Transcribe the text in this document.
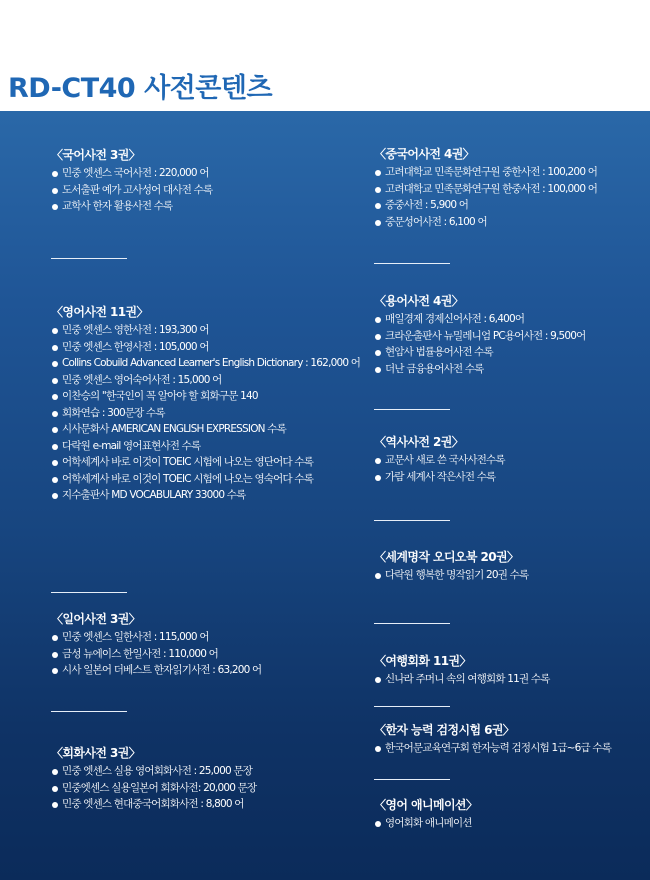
RD-CT40 사전콘텐츠
〈국어사전 3권〉
민중 엣센스 국어사전 : 220,000 어
도서출판 예가 고사성어 대사전 수록
교학사 한자 활용사전 수록
〈영어사전 11권〉
민중 엣센스 영한사전 : 193,300 어
민중 엣센스 한영사전 : 105,000 어
Collins Cobuild Advanced Learner's English Dictionary : 162,000 어
민중 엣센스 영어숙어사전 : 15,000 어
이찬승의 "한국인이 꼭 알아야 할 회화구문 140
회화연습 : 300문장 수록
시사문화사 AMERICAN ENGLISH EXPRESSION 수록
다락원 e-mail 영어표현사전 수록
어학세계사 바로 이것이 TOEIC 시험에 나오는 영단어다 수록
어학세계사 바로 이것이 TOEIC 시험에 나오는 영숙어다 수록
지수출판사 MD VOCABULARY 33000 수록
〈일어사전 3권〉
민중 엣센스 일한사전 : 115,000 어
금성 뉴에이스 한일사전 : 110,000 어
시사 일본어 더베스트 한자읽기사전 : 63,200 어
〈회화사전 3권〉
민중 엣센스 실용 영어회화사전 : 25,000 문장
민중엣센스 실용일본어 회화사전: 20,000 문장
민중 엣센스 현대중국어회화사전 : 8,800 어
〈중국어사전 4권〉
고려대학교 민족문화연구원 중한사전 : 100,200 어
고려대학교 민족문화연구원 한중사전 : 100,000 어
중중사전 : 5,900 어
중문성어사전 : 6,100 어
〈용어사전 4권〉
매일경제 경제신어사전 : 6,400어
크라운출판사 뉴밀레니엄 PC용어사전 : 9,500어
현암사 법률용어사전 수록
더난 금융용어사전 수록
〈역사사전 2권〉
교문사 새로 쓴 국사사전수록
가람 세계사 작은사전 수록
〈세계명작 오디오북 20권〉
다락원 행복한 명작읽기 20권 수록
〈여행회화 11권〉
신나라 주머니 속의 여행회화 11권 수록
〈한자 능력 검정시험 6권〉
한국어문교육연구회 한자능력 검정시험 1급~6급 수록
〈영어 애니메이션〉
영어회화 애니메이션
